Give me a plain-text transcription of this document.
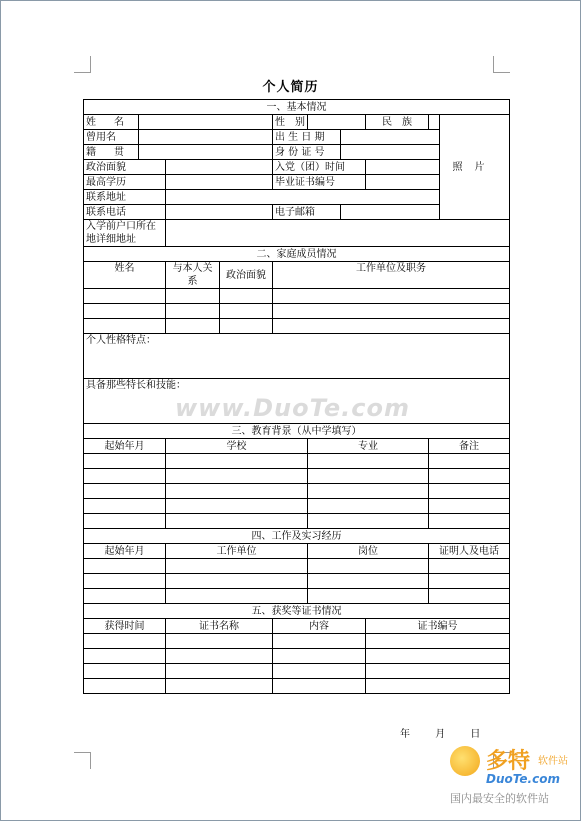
个人简历
一、基本情况									
姓　名				性　别			民　族		照片
曾用名				出 生 日 期					
籍　贯				身 份 证 号					
政治面貌				入党（团）时间					
最高学历				毕业证书编号					
联系地址									
联系电话				电子邮箱					
入学前户口所在地详细地址									
二、家庭成员情况									
姓名		与本人关系	政治面貌	工作单位及职务					

个人性格特点：									
具备那些特长和技能：									
三、教育背景（从中学填写）									
起始年月		学校			专业			备注	

四、工作及实习经历									
起始年月		工作单位			岗位			证明人及电话	

五、获奖等证书情况									
获得时间		证书名称		内容			证书编号		

年	月	日
www.DuoTe.com
多特 软件站
DuoTe.com
国内最安全的软件站
